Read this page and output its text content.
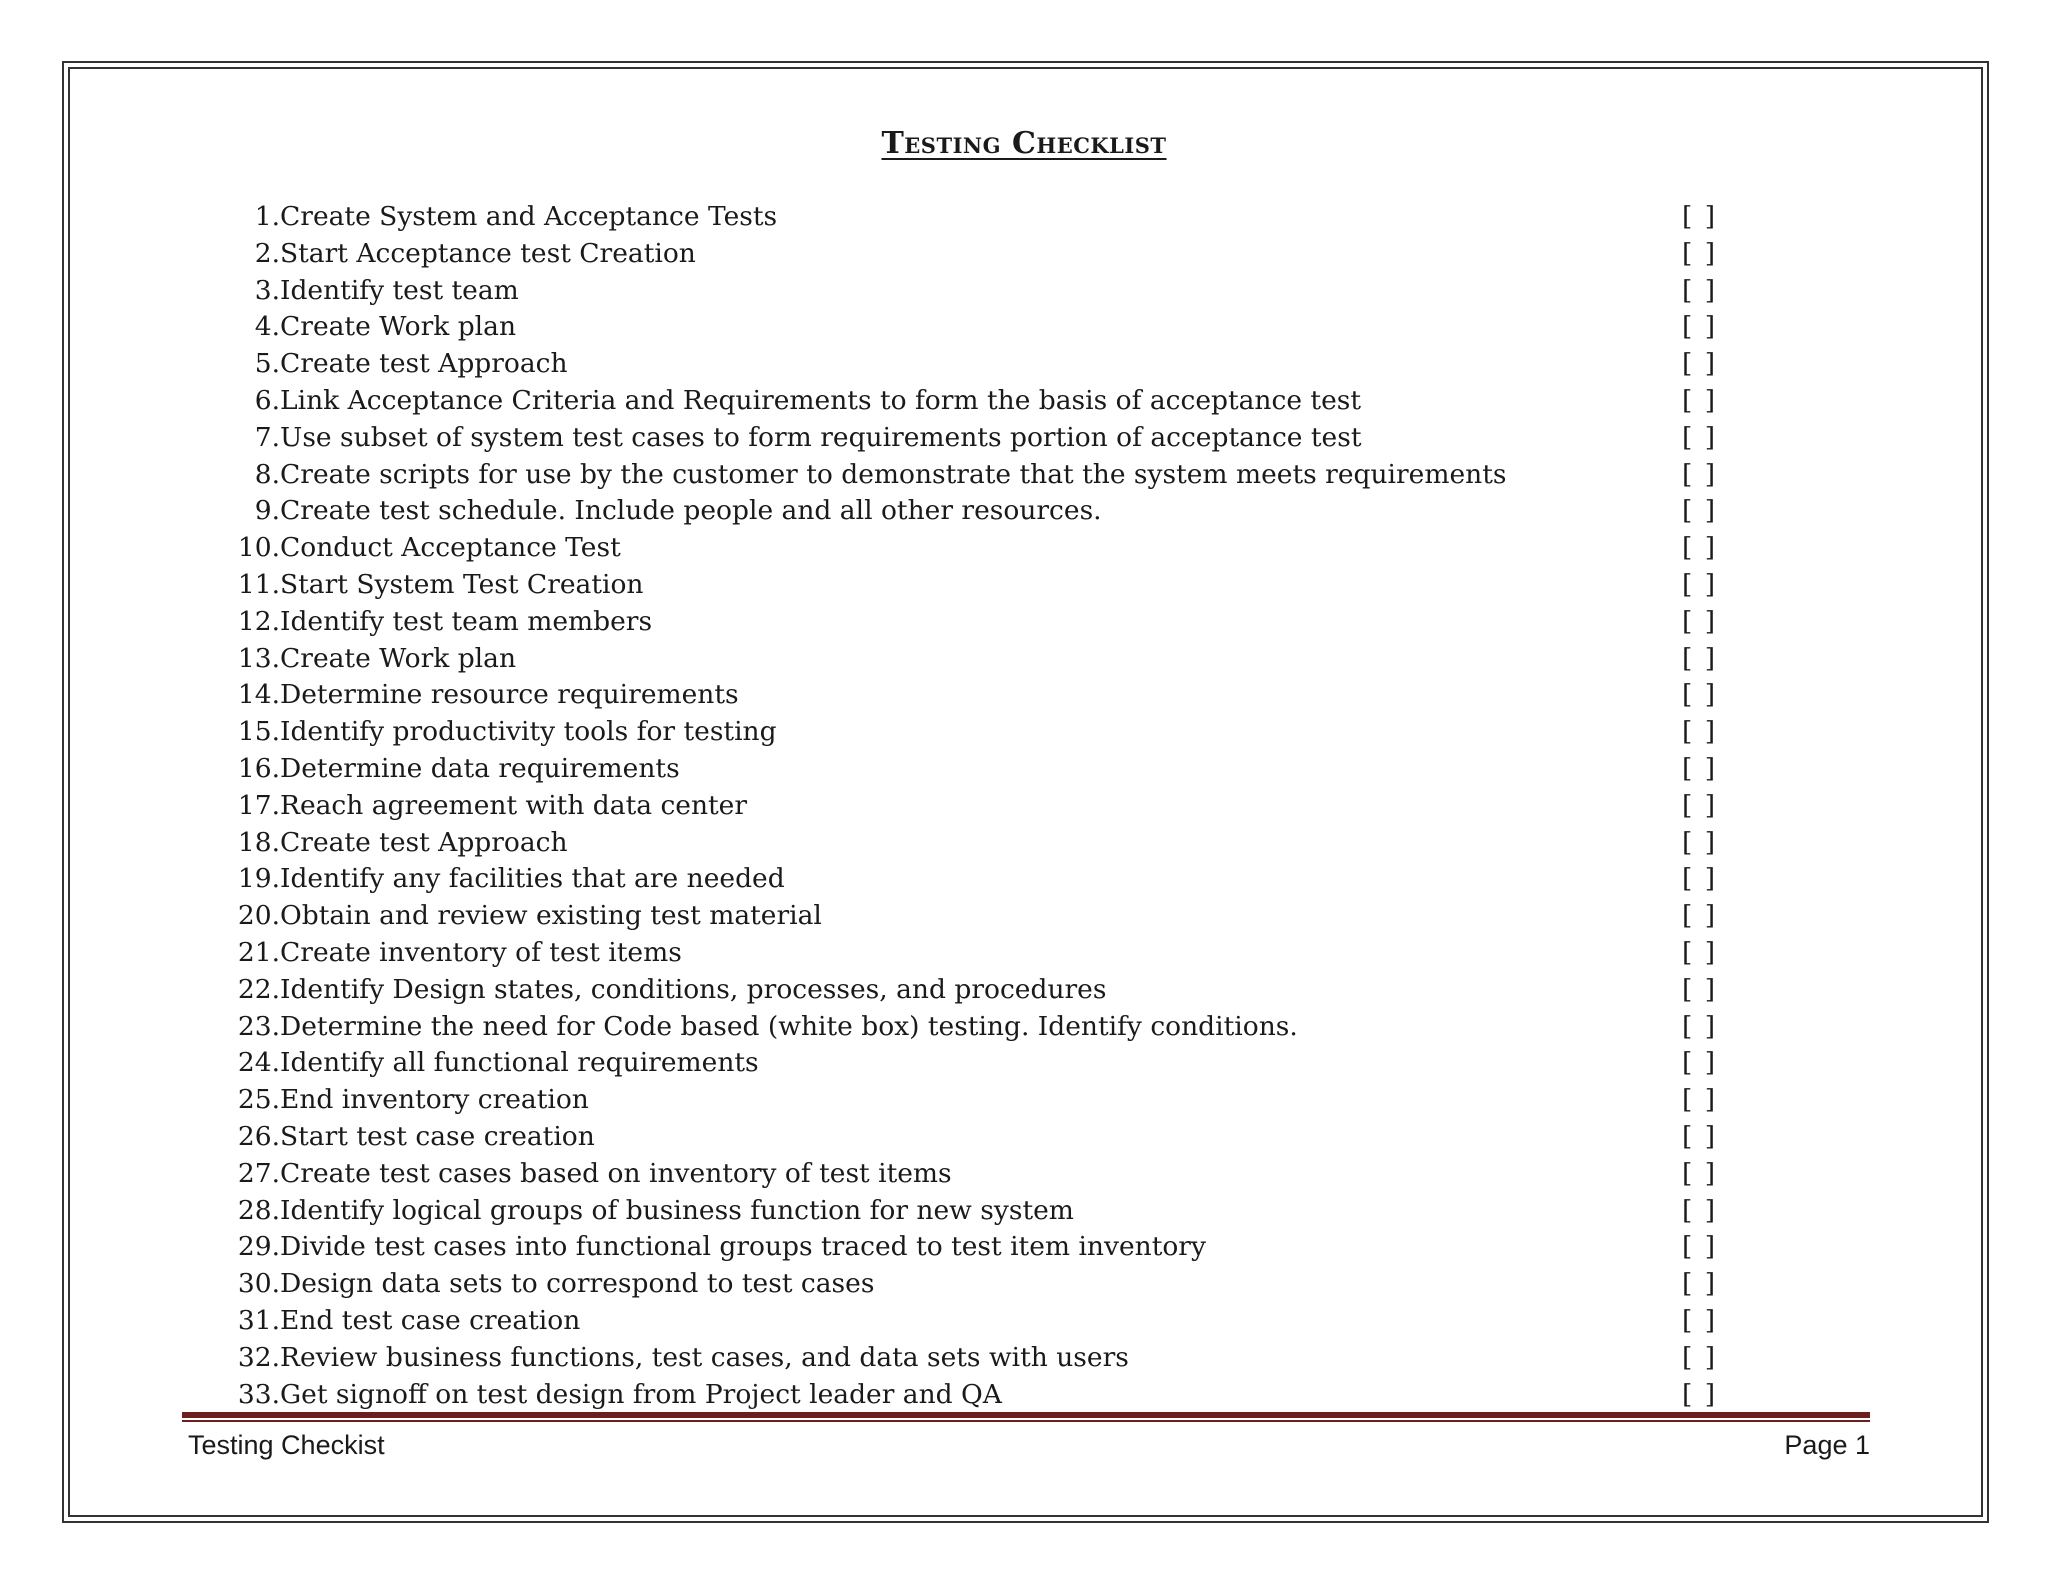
Testing Checklist
1. Create System and Acceptance Tests	[ ]
2. Start Acceptance test Creation	[ ]
3. Identify test team	[ ]
4. Create Work plan	[ ]
5. Create test Approach	[ ]
6. Link Acceptance Criteria and Requirements to form the basis of acceptance test	[ ]
7. Use subset of system test cases to form requirements portion of acceptance test	[ ]
8. Create scripts for use by the customer to demonstrate that the system meets requirements	[ ]
9. Create test schedule. Include people and all other resources.	[ ]
10. Conduct Acceptance Test	[ ]
11. Start System Test Creation	[ ]
12. Identify test team members	[ ]
13. Create Work plan	[ ]
14. Determine resource requirements	[ ]
15. Identify productivity tools for testing	[ ]
16. Determine data requirements	[ ]
17. Reach agreement with data center	[ ]
18. Create test Approach	[ ]
19. Identify any facilities that are needed	[ ]
20. Obtain and review existing test material	[ ]
21. Create inventory of test items	[ ]
22. Identify Design states, conditions, processes, and procedures	[ ]
23. Determine the need for Code based (white box) testing. Identify conditions.	[ ]
24. Identify all functional requirements	[ ]
25. End inventory creation	[ ]
26. Start test case creation	[ ]
27. Create test cases based on inventory of test items	[ ]
28. Identify logical groups of business function for new system	[ ]
29. Divide test cases into functional groups traced to test item inventory	[ ]
30. Design data sets to correspond to test cases	[ ]
31. End test case creation	[ ]
32. Review business functions, test cases, and data sets with users	[ ]
33. Get signoff on test design from Project leader and QA	[ ]
Testing Checkist	Page 1
